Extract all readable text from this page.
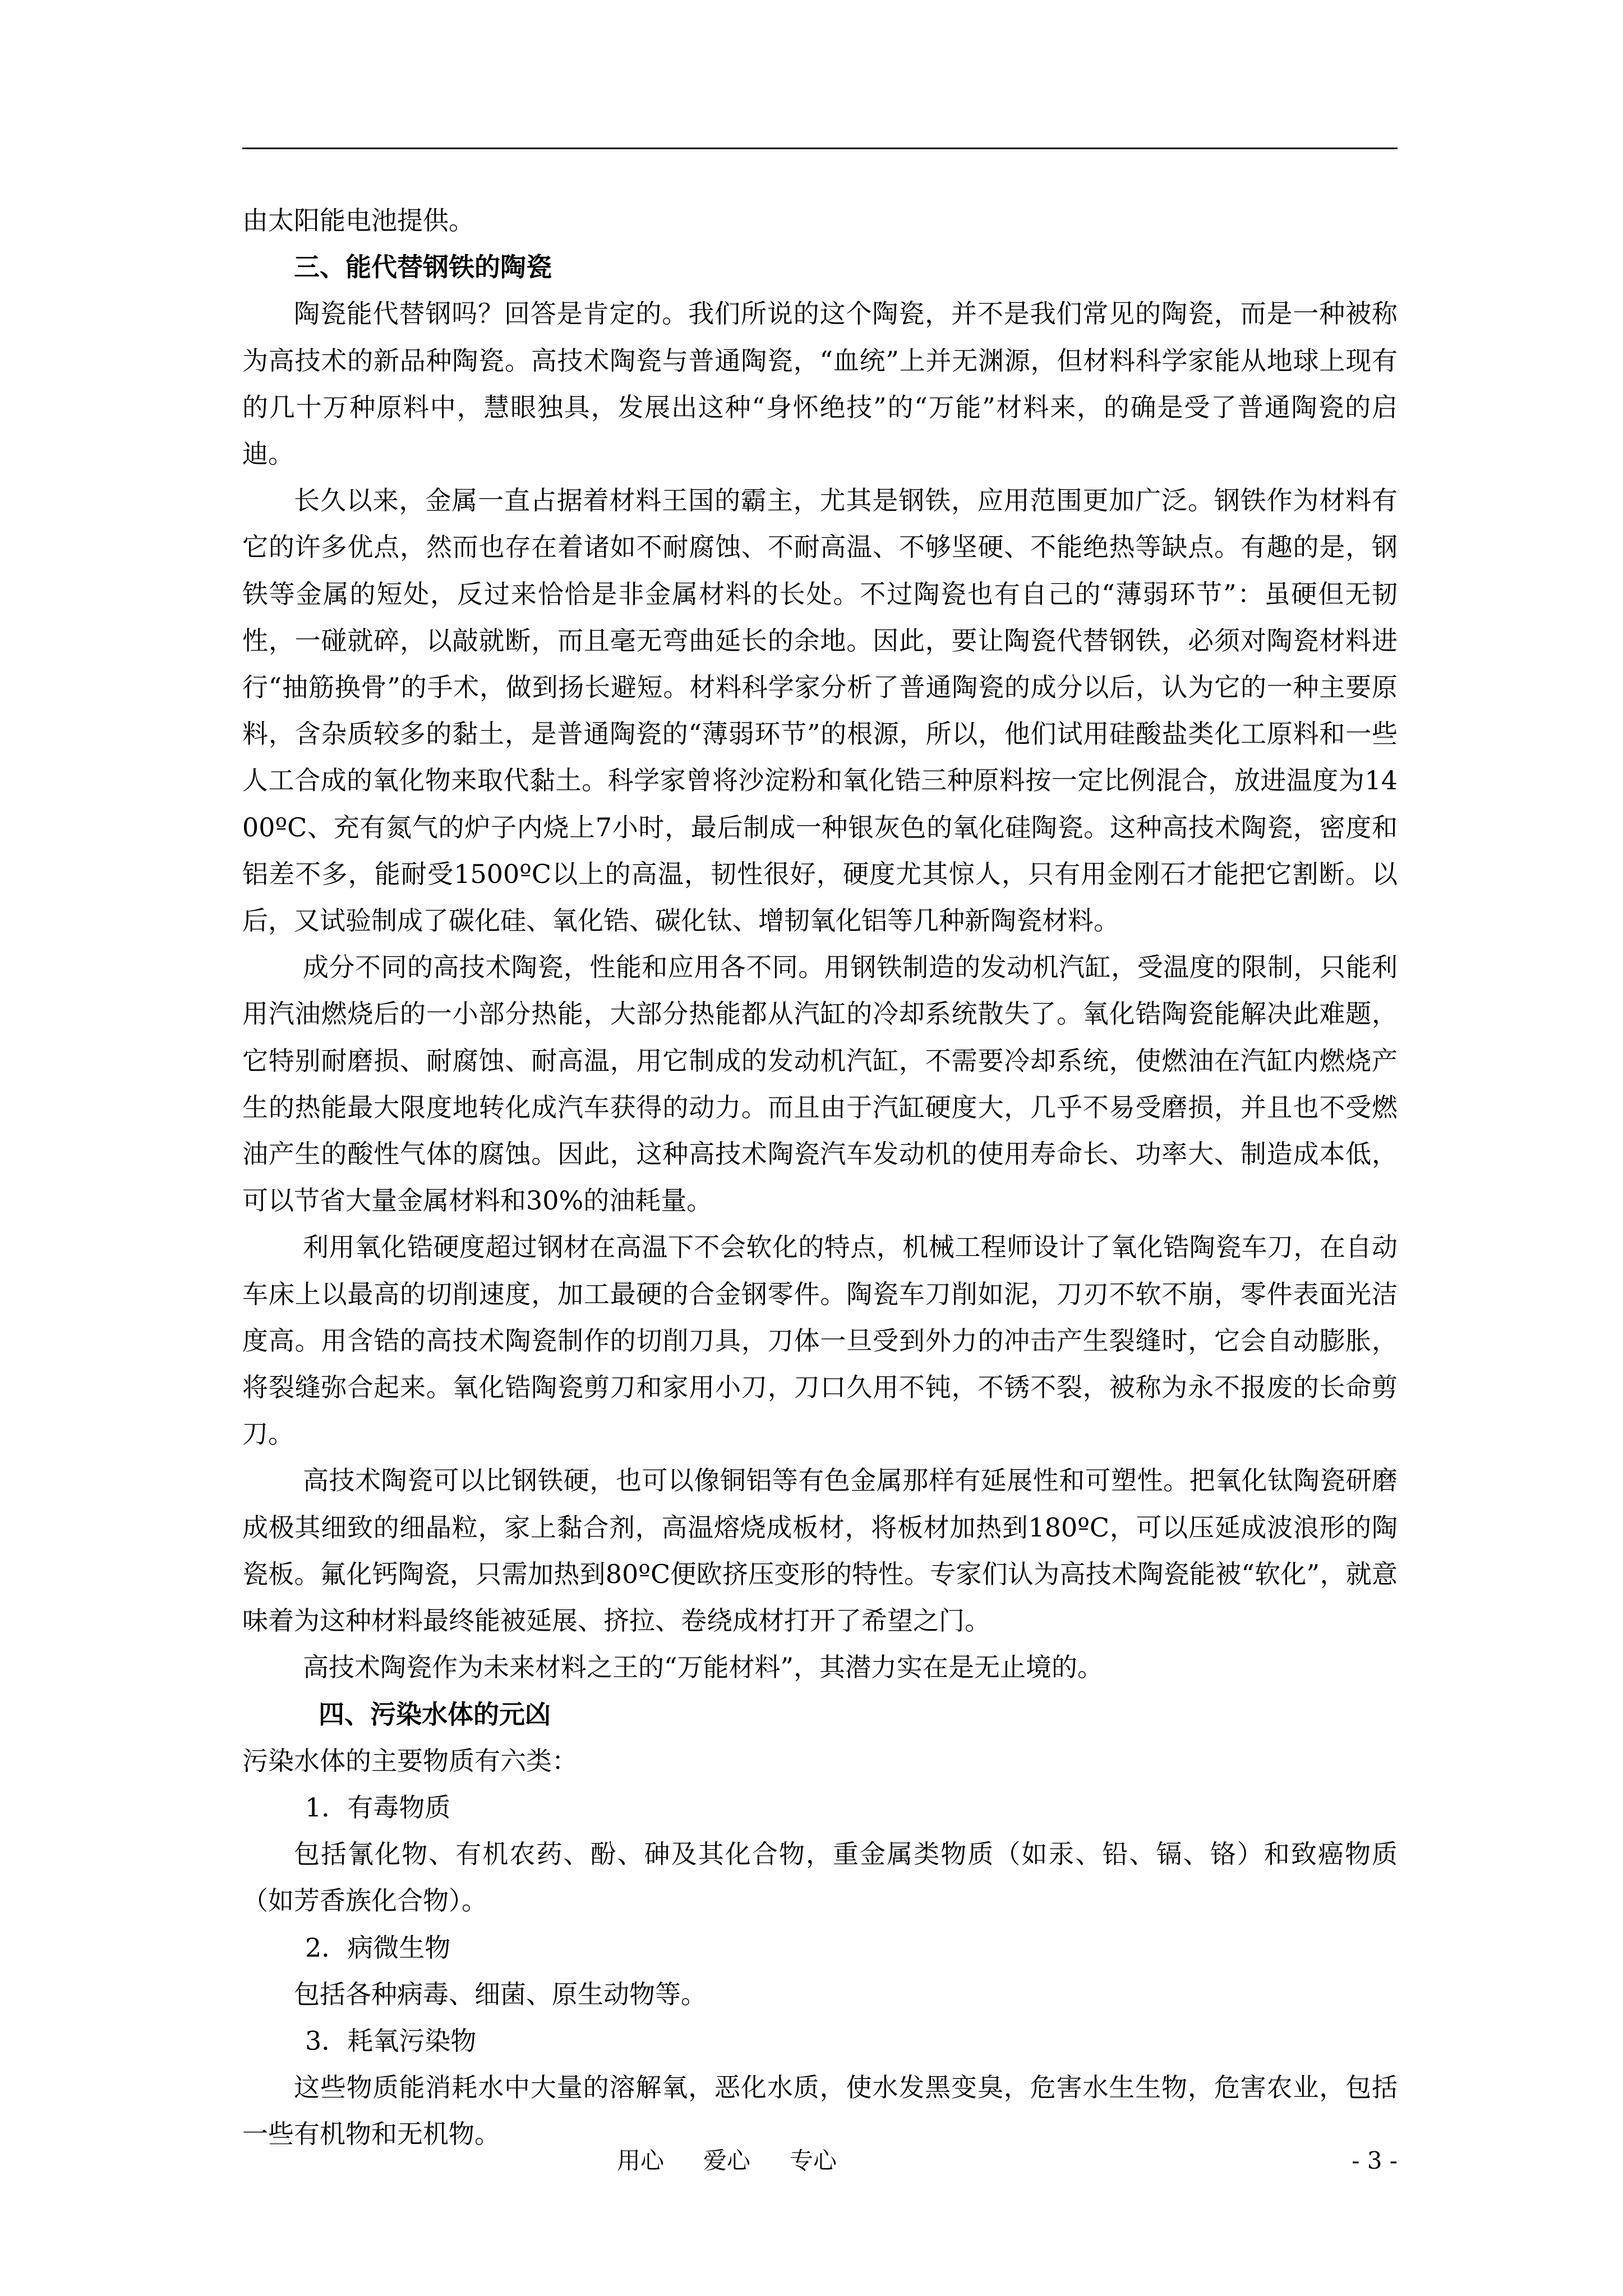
由太阳能电池提供。

三、能代替钢铁的陶瓷

陶瓷能代替钢吗？回答是肯定的。我们所说的这个陶瓷，并不是我们常见的陶瓷，而是一种被称为高技术的新品种陶瓷。高技术陶瓷与普通陶瓷，“血统”上并无渊源，但材料科学家能从地球上现有的几十万种原料中，慧眼独具，发展出这种“身怀绝技”的“万能”材料来，的确是受了普通陶瓷的启迪。

长久以来，金属一直占据着材料王国的霸主，尤其是钢铁，应用范围更加广泛。钢铁作为材料有它的许多优点，然而也存在着诸如不耐腐蚀、不耐高温、不够坚硬、不能绝热等缺点。有趣的是，钢铁等金属的短处，反过来恰恰是非金属材料的长处。不过陶瓷也有自己的“薄弱环节”：虽硬但无韧性，一碰就碎，以敲就断，而且毫无弯曲延长的余地。因此，要让陶瓷代替钢铁，必须对陶瓷材料进行“抽筋换骨”的手术，做到扬长避短。材料科学家分析了普通陶瓷的成分以后，认为它的一种主要原料，含杂质较多的黏土，是普通陶瓷的“薄弱环节”的根源，所以，他们试用硅酸盐类化工原料和一些人工合成的氧化物来取代黏土。科学家曾将沙淀粉和氧化锆三种原料按一定比例混合，放进温度为1400ºC、充有氮气的炉子内烧上7小时，最后制成一种银灰色的氧化硅陶瓷。这种高技术陶瓷，密度和铝差不多，能耐受1500ºC以上的高温，韧性很好，硬度尤其惊人，只有用金刚石才能把它割断。以后，又试验制成了碳化硅、氧化锆、碳化钛、增韧氧化铝等几种新陶瓷材料。

成分不同的高技术陶瓷，性能和应用各不同。用钢铁制造的发动机汽缸，受温度的限制，只能利用汽油燃烧后的一小部分热能，大部分热能都从汽缸的冷却系统散失了。氧化锆陶瓷能解决此难题，它特别耐磨损、耐腐蚀、耐高温，用它制成的发动机汽缸，不需要冷却系统，使燃油在汽缸内燃烧产生的热能最大限度地转化成汽车获得的动力。而且由于汽缸硬度大，几乎不易受磨损，并且也不受燃油产生的酸性气体的腐蚀。因此，这种高技术陶瓷汽车发动机的使用寿命长、功率大、制造成本低，可以节省大量金属材料和30%的油耗量。

利用氧化锆硬度超过钢材在高温下不会软化的特点，机械工程师设计了氧化锆陶瓷车刀，在自动车床上以最高的切削速度，加工最硬的合金钢零件。陶瓷车刀削如泥，刀刃不软不崩，零件表面光洁度高。用含锆的高技术陶瓷制作的切削刀具，刀体一旦受到外力的冲击产生裂缝时，它会自动膨胀，将裂缝弥合起来。氧化锆陶瓷剪刀和家用小刀，刀口久用不钝，不锈不裂，被称为永不报废的长命剪刀。

高技术陶瓷可以比钢铁硬，也可以像铜铝等有色金属那样有延展性和可塑性。把氧化钛陶瓷研磨成极其细致的细晶粒，家上黏合剂，高温熔烧成板材，将板材加热到180ºC，可以压延成波浪形的陶瓷板。氟化钙陶瓷，只需加热到80ºC便欧挤压变形的特性。专家们认为高技术陶瓷能被“软化”，就意味着为这种材料最终能被延展、挤拉、卷绕成材打开了希望之门。

高技术陶瓷作为未来材料之王的“万能材料”，其潜力实在是无止境的。

四、污染水体的元凶

污染水体的主要物质有六类：

1．有毒物质

包括氰化物、有机农药、酚、砷及其化合物，重金属类物质（如汞、铅、镉、铬）和致癌物质（如芳香族化合物）。

2．病微生物

包括各种病毒、细菌、原生动物等。

3．耗氧污染物

这些物质能消耗水中大量的溶解氧，恶化水质，使水发黑变臭，危害水生生物，危害农业，包括一些有机物和无机物。

用心 爱心 专心	- 3 -
